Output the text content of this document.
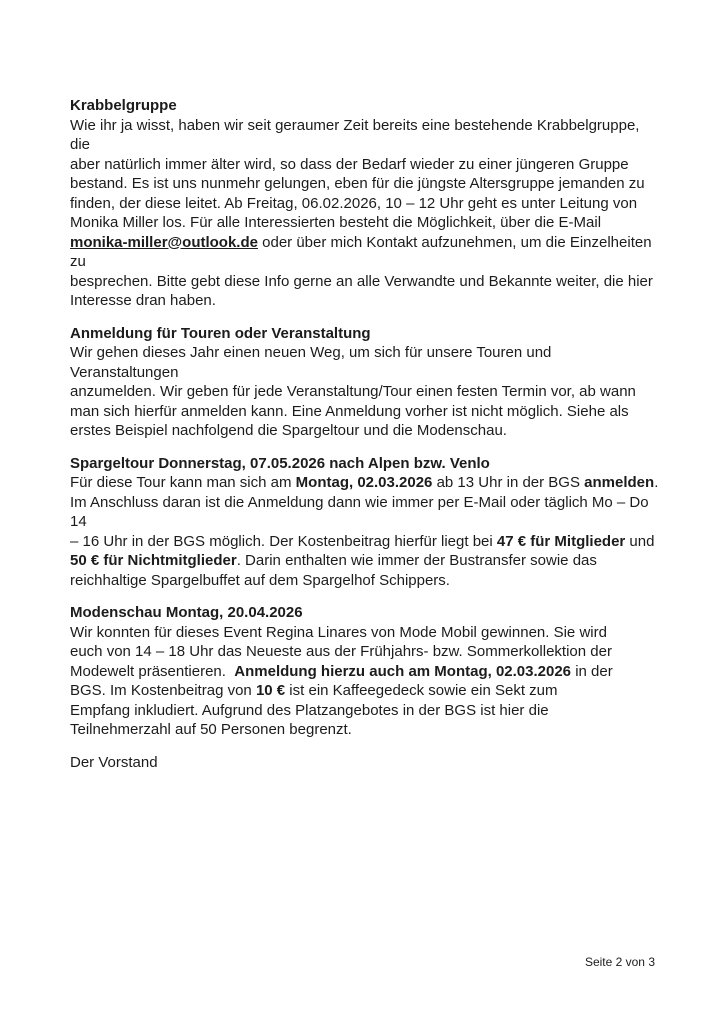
Krabbelgruppe
Wie ihr ja wisst, haben wir seit geraumer Zeit bereits eine bestehende Krabbelgruppe, die
aber natürlich immer älter wird, so dass der Bedarf wieder zu einer jüngeren Gruppe
bestand. Es ist uns nunmehr gelungen, eben für die jüngste Altersgruppe jemanden zu
finden, der diese leitet. Ab Freitag, 06.02.2026, 10 – 12 Uhr geht es unter Leitung von
Monika Miller los. Für alle Interessierten besteht die Möglichkeit, über die E-Mail
monika-miller@outlook.de oder über mich Kontakt aufzunehmen, um die Einzelheiten zu
besprechen. Bitte gebt diese Info gerne an alle Verwandte und Bekannte weiter, die hier
Interesse dran haben.
Anmeldung für Touren oder Veranstaltung
Wir gehen dieses Jahr einen neuen Weg, um sich für unsere Touren und Veranstaltungen
anzumelden. Wir geben für jede Veranstaltung/Tour einen festen Termin vor, ab wann
man sich hierfür anmelden kann. Eine Anmeldung vorher ist nicht möglich. Siehe als
erstes Beispiel nachfolgend die Spargeltour und die Modenschau.
Spargeltour Donnerstag, 07.05.2026 nach Alpen bzw. Venlo
Für diese Tour kann man sich am Montag, 02.03.2026 ab 13 Uhr in der BGS anmelden.
Im Anschluss daran ist die Anmeldung dann wie immer per E-Mail oder täglich Mo – Do 14
– 16 Uhr in der BGS möglich. Der Kostenbeitrag hierfür liegt bei 47 € für Mitglieder und
50 € für Nichtmitglieder. Darin enthalten wie immer der Bustransfer sowie das
reichhaltige Spargelbuffet auf dem Spargelhof Schippers.
Modenschau Montag, 20.04.2026
Wir konnten für dieses Event Regina Linares von Mode Mobil gewinnen. Sie wird
euch von 14 – 18 Uhr das Neueste aus der Frühjahrs- bzw. Sommerkollektion der
Modewelt präsentieren.  Anmeldung hierzu auch am Montag, 02.03.2026 in der
BGS. Im Kostenbeitrag von 10 € ist ein Kaffeegedeck sowie ein Sekt zum
Empfang inkludiert. Aufgrund des Platzangebotes in der BGS ist hier die
Teilnehmerzahl auf 50 Personen begrenzt.
Der Vorstand
Seite 2 von 3
